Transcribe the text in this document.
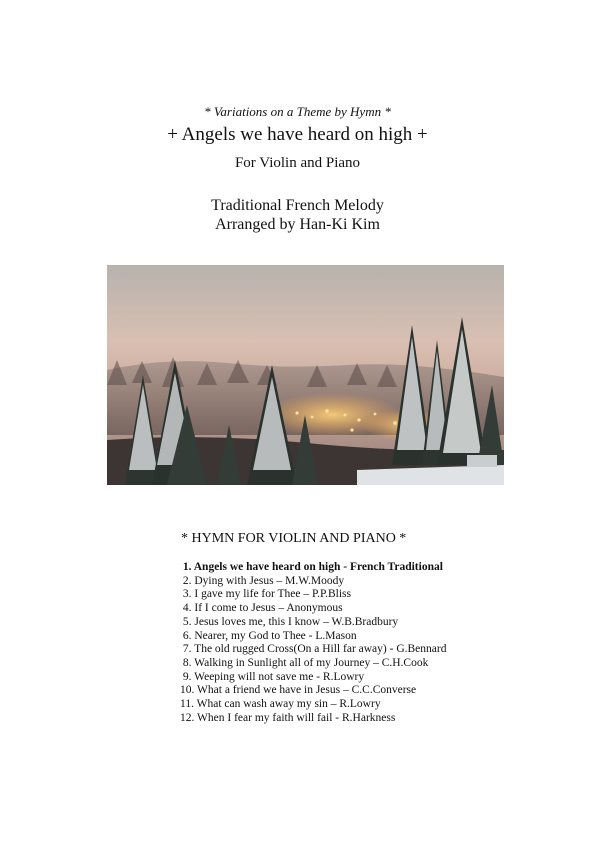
* Variations on a Theme by Hymn *
+ Angels we have heard on high +
For Violin and Piano
Traditional French Melody
Arranged by Han-Ki Kim
* HYMN FOR VIOLIN AND PIANO *
1. Angels we have heard on high - French Traditional
2. Dying with Jesus – M.W.Moody
3. I gave my life for Thee – P.P.Bliss
4. If I come to Jesus – Anonymous
5. Jesus loves me, this I know – W.B.Bradbury
6. Nearer, my God to Thee - L.Mason
7. The old rugged Cross(On a Hill far away) - G.Bennard
8. Walking in Sunlight all of my Journey – C.H.Cook
9. Weeping will not save me - R.Lowry
10. What a friend we have in Jesus – C.C.Converse
11. What can wash away my sin – R.Lowry
12. When I fear my faith will fail - R.Harkness
